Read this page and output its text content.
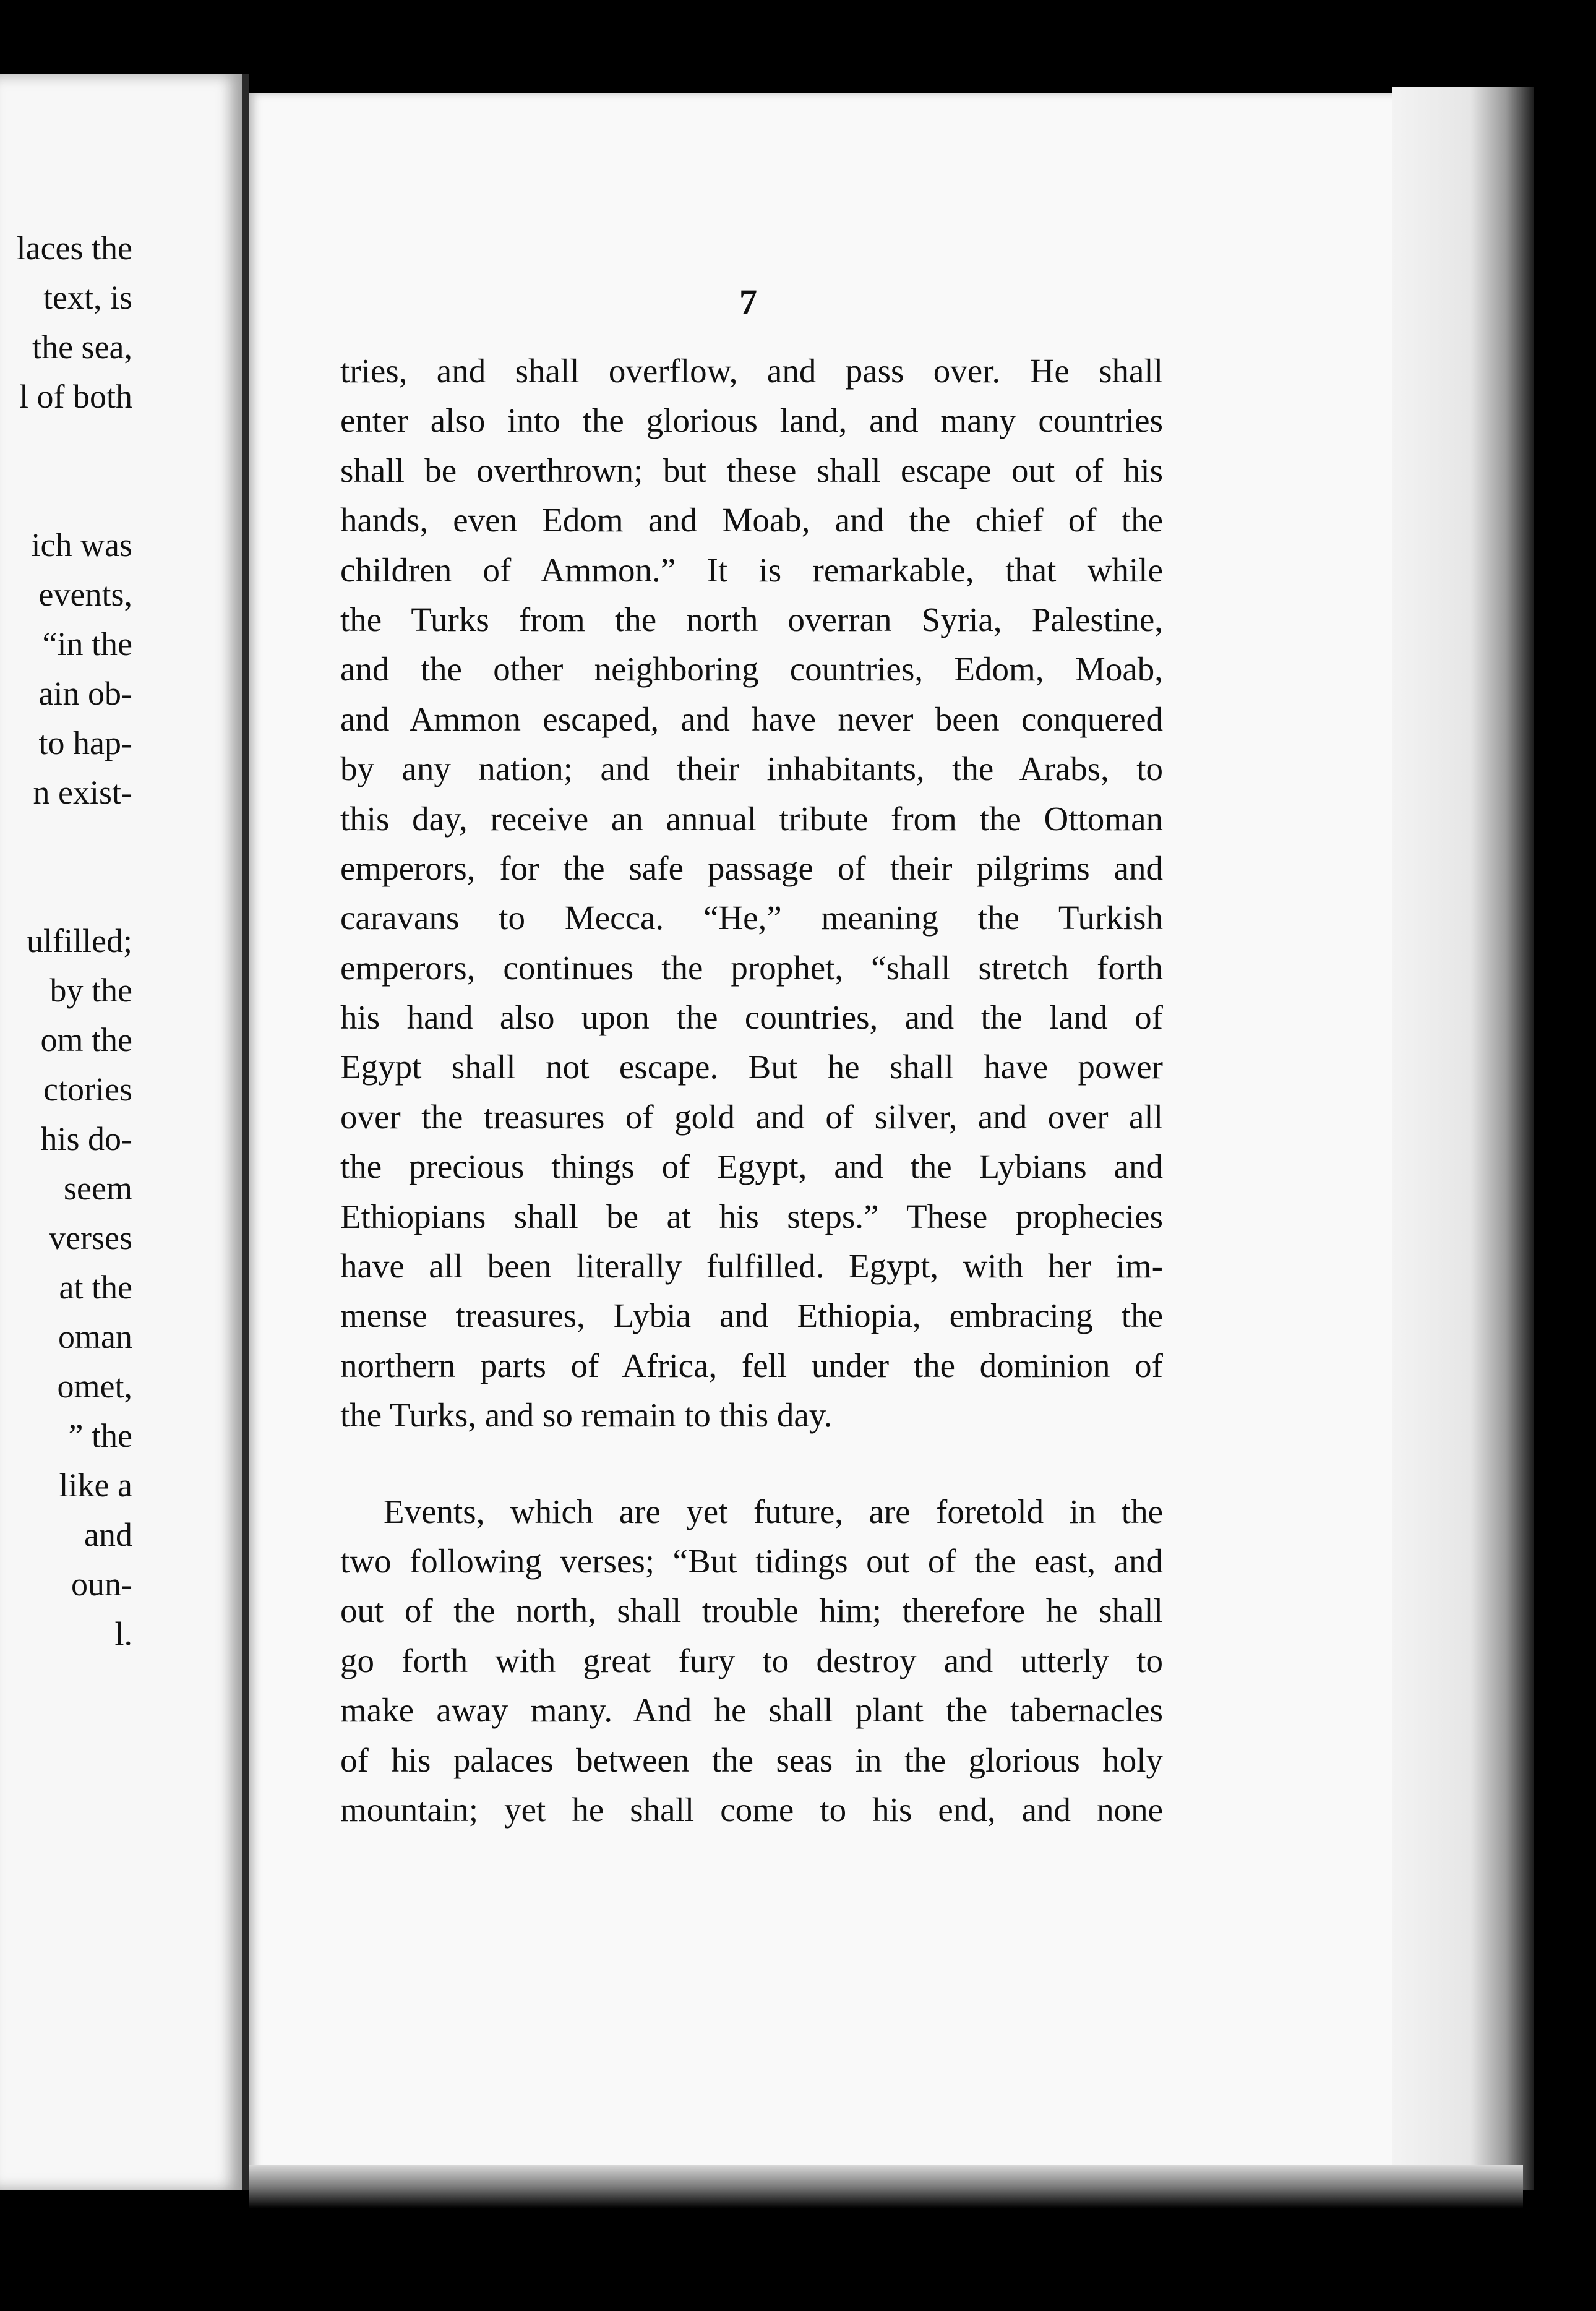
laces the
text, is
the sea,
l of both
ich was
events,
“in the
ain ob-
to hap-
n exist-
ulfilled;
by the
om the
ctories
his do-
seem
verses
at the
oman
omet,
” the
like a
and
oun-
l.
7
tries, and shall overflow, and pass over. He shall
enter also into the glorious land, and many countries
shall be overthrown; but these shall escape out of his
hands, even Edom and Moab, and the chief of the
children of Ammon.” It is remarkable, that while
the Turks from the north overran Syria, Palestine,
and the other neighboring countries, Edom, Moab,
and Ammon escaped, and have never been conquered
by any nation; and their inhabitants, the Arabs, to
this day, receive an annual tribute from the Ottoman
emperors, for the safe passage of their pilgrims and
caravans to Mecca. “He,” meaning the Turkish
emperors, continues the prophet, “shall stretch forth
his hand also upon the countries, and the land of
Egypt shall not escape. But he shall have power
over the treasures of gold and of silver, and over all
the precious things of Egypt, and the Lybians and
Ethiopians shall be at his steps.” These prophecies
have all been literally fulfilled. Egypt, with her im-
mense treasures, Lybia and Ethiopia, embracing the
northern parts of Africa, fell under the dominion of
the Turks, and so remain to this day.
Events, which are yet future, are foretold in the
two following verses; “But tidings out of the east, and
out of the north, shall trouble him; therefore he shall
go forth with great fury to destroy and utterly to
make away many. And he shall plant the tabernacles
of his palaces between the seas in the glorious holy
mountain; yet he shall come to his end, and none
